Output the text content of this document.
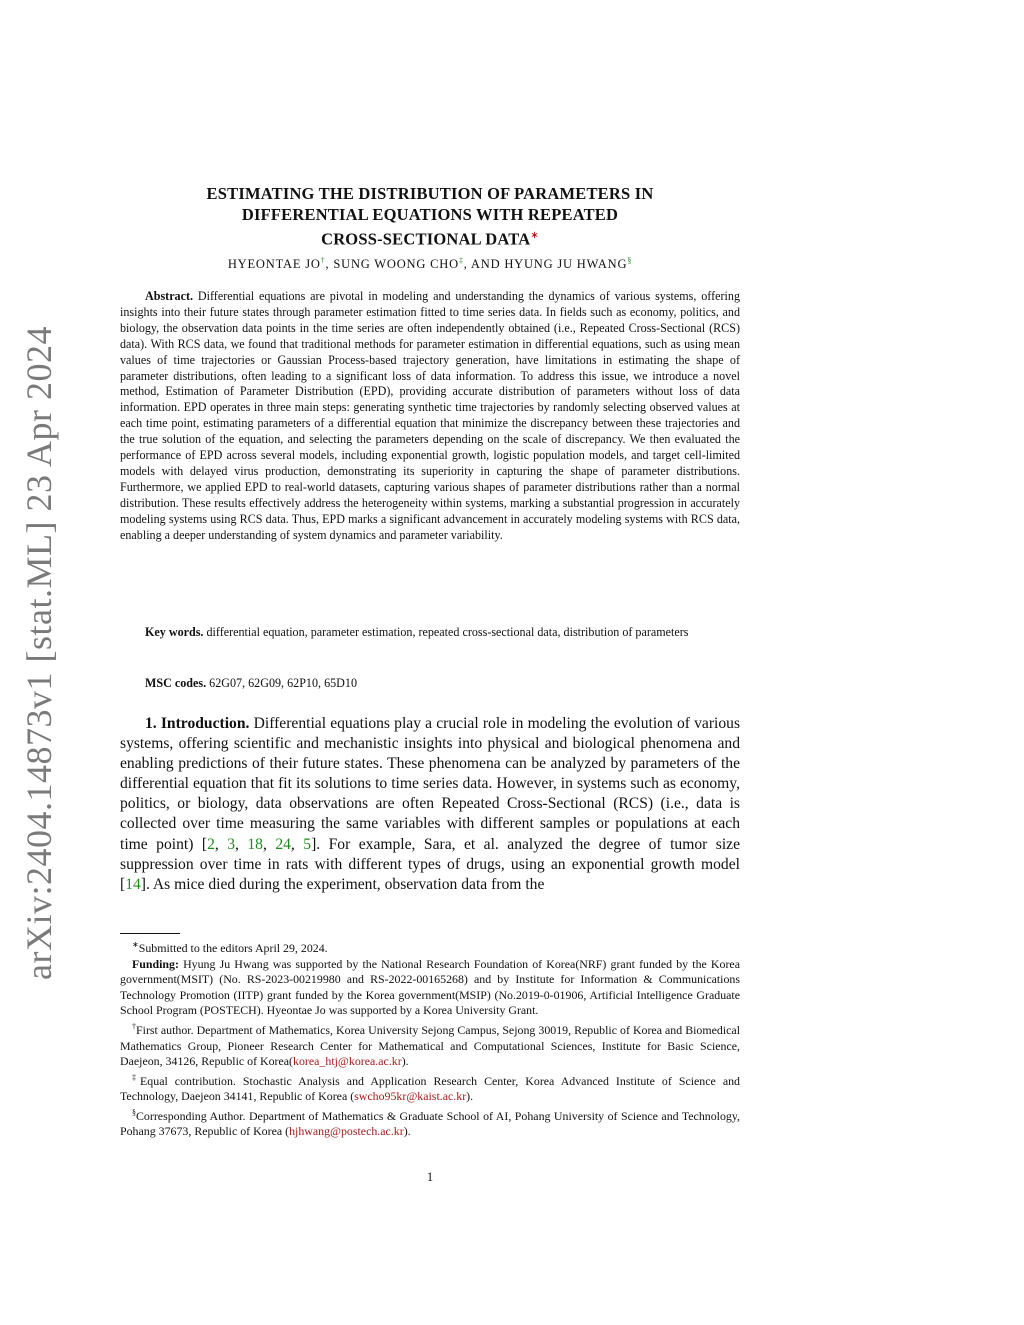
arXiv:2404.14873v1 [stat.ML] 23 Apr 2024
ESTIMATING THE DISTRIBUTION OF PARAMETERS IN
DIFFERENTIAL EQUATIONS WITH REPEATED
CROSS-SECTIONAL DATA∗
HYEONTAE JO†, SUNG WOONG CHO‡, AND HYUNG JU HWANG§
Abstract. Differential equations are pivotal in modeling and understanding the dynamics of various systems, offering insights into their future states through parameter estimation fitted to time series data. In fields such as economy, politics, and biology, the observation data points in the time series are often independently obtained (i.e., Repeated Cross-Sectional (RCS) data). With RCS data, we found that traditional methods for parameter estimation in differential equations, such as using mean values of time trajectories or Gaussian Process-based trajectory generation, have limitations in estimating the shape of parameter distributions, often leading to a significant loss of data information. To address this issue, we introduce a novel method, Estimation of Parameter Distribution (EPD), providing accurate distribution of parameters without loss of data information. EPD operates in three main steps: generating synthetic time trajectories by randomly selecting observed values at each time point, estimating parameters of a differential equation that minimize the discrepancy between these trajectories and the true solution of the equation, and selecting the parameters depending on the scale of discrepancy. We then evaluated the performance of EPD across several models, including exponential growth, logistic population models, and target cell-limited models with delayed virus production, demonstrating its superiority in capturing the shape of parameter distributions. Furthermore, we applied EPD to real-world datasets, capturing various shapes of parameter distributions rather than a normal distribution. These results effectively address the heterogeneity within systems, marking a substantial progression in accurately modeling systems using RCS data. Thus, EPD marks a significant advancement in accurately modeling systems with RCS data, enabling a deeper understanding of system dynamics and parameter variability.
Key words. differential equation, parameter estimation, repeated cross-sectional data, distribution of parameters
MSC codes. 62G07, 62G09, 62P10, 65D10
1. Introduction. Differential equations play a crucial role in modeling the evolution of various systems, offering scientific and mechanistic insights into physical and biological phenomena and enabling predictions of their future states. These phenomena can be analyzed by parameters of the differential equation that fit its solutions to time series data. However, in systems such as economy, politics, or biology, data observations are often Repeated Cross-Sectional (RCS) (i.e., data is collected over time measuring the same variables with different samples or populations at each time point) [2, 3, 18, 24, 5]. For example, Sara, et al. analyzed the degree of tumor size suppression over time in rats with different types of drugs, using an exponential growth model [14]. As mice died during the experiment, observation data from the

∗Submitted to the editors April 29, 2024.

Funding: Hyung Ju Hwang was supported by the National Research Foundation of Korea(NRF) grant funded by the Korea government(MSIT) (No. RS-2023-00219980 and RS-2022-00165268) and by Institute for Information & Communications Technology Promotion (IITP) grant funded by the Korea government(MSIP) (No.2019-0-01906, Artificial Intelligence Graduate School Program (POSTECH). Hyeontae Jo was supported by a Korea University Grant.

†First author. Department of Mathematics, Korea University Sejong Campus, Sejong 30019, Republic of Korea and Biomedical Mathematics Group, Pioneer Research Center for Mathematical and Computational Sciences, Institute for Basic Science, Daejeon, 34126, Republic of Korea(korea_htj@korea.ac.kr).

‡Equal contribution. Stochastic Analysis and Application Research Center, Korea Advanced Institute of Science and Technology, Daejeon 34141, Republic of Korea (swcho95kr@kaist.ac.kr).

§Corresponding Author. Department of Mathematics & Graduate School of AI, Pohang University of Science and Technology, Pohang 37673, Republic of Korea (hjhwang@postech.ac.kr).

1
